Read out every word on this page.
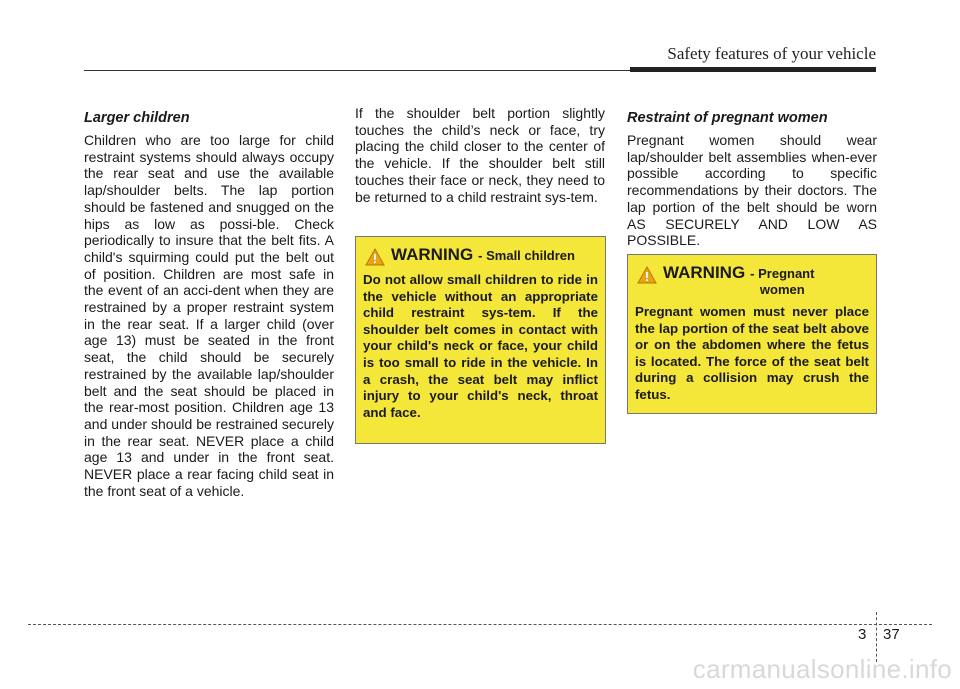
Safety features of your vehicle

Larger children

Children who are too large for child restraint systems should always occupy the rear seat and use the available lap/shoulder belts. The lap portion should be fastened and snugged on the hips as low as possi-ble. Check periodically to insure that the belt fits. A child's squirming could put the belt out of position. Children are most safe in the event of an acci-dent when they are restrained by a proper restraint system in the rear seat. If a larger child (over age 13) must be seated in the front seat, the child should be securely restrained by the available lap/shoulder belt and the seat should be placed in the rear-most position. Children age 13 and under should be restrained securely in the rear seat. NEVER place a child age 13 and under in the front seat. NEVER place a rear facing child seat in the front seat of a vehicle.

If the shoulder belt portion slightly touches the child’s neck or face, try placing the child closer to the center of the vehicle. If the shoulder belt still touches their face or neck, they need to be returned to a child restraint sys-tem.

WARNING - Small children

Do not allow small children to ride in the vehicle without an appropriate child restraint sys-tem. If the shoulder belt comes in contact with your child's neck or face, your child is too small to ride in the vehicle. In a crash, the seat belt may inflict injury to your child's neck, throat and face.

Restraint of pregnant women

Pregnant women should wear lap/shoulder belt assemblies when-ever possible according to specific recommendations by their doctors. The lap portion of the belt should be worn AS SECURELY AND LOW AS POSSIBLE.

WARNING - Pregnant
women

Pregnant women must never place the lap portion of the seat belt above or on the abdomen where the fetus is located. The force of the seat belt during a collision may crush the fetus.

3 37
carmanualsonline.info
